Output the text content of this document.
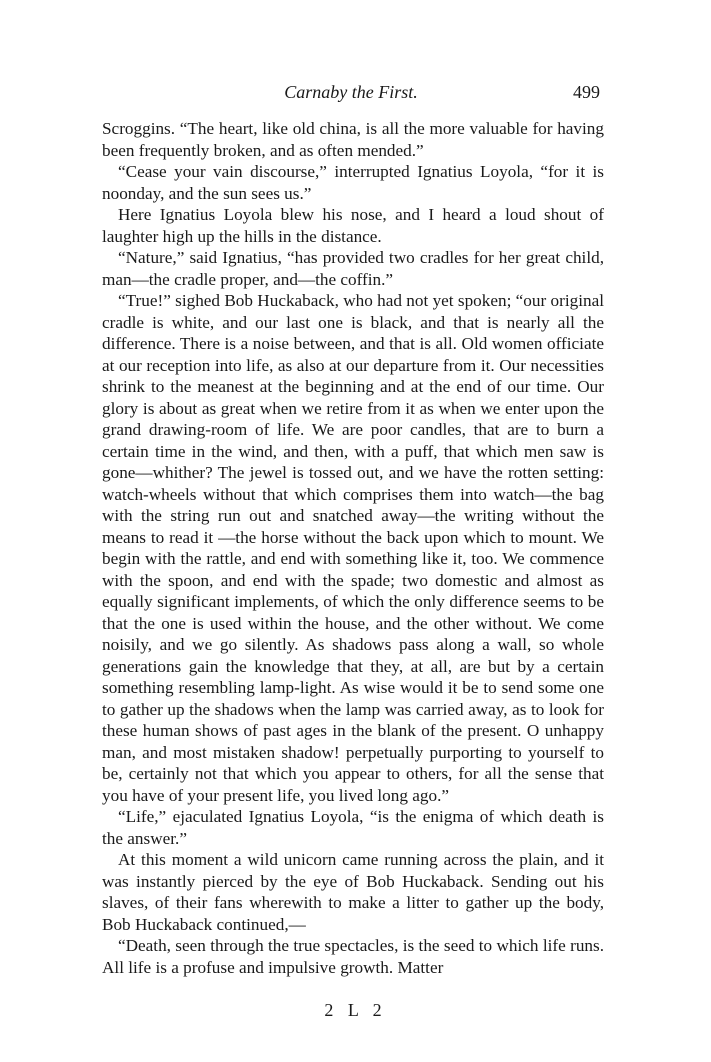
Carnaby the First.	499

Scroggins. “The heart, like old china, is all the more valuable for having been frequently broken, and as often mended.”

“Cease your vain discourse,” interrupted Ignatius Loyola, “for it is noonday, and the sun sees us.”

Here Ignatius Loyola blew his nose, and I heard a loud shout of laughter high up the hills in the distance.

“Nature,” said Ignatius, “has provided two cradles for her great child, man—the cradle proper, and—the coffin.”

“True!” sighed Bob Huckaback, who had not yet spoken; “our original cradle is white, and our last one is black, and that is nearly all the difference. There is a noise between, and that is all. Old women officiate at our reception into life, as also at our departure from it. Our necessities shrink to the meanest at the beginning and at the end of our time. Our glory is about as great when we retire from it as when we enter upon the grand drawing-room of life. We are poor candles, that are to burn a certain time in the wind, and then, with a puff, that which men saw is gone—whither? The jewel is tossed out, and we have the rotten setting: watch-wheels without that which comprises them into watch—the bag with the string run out and snatched away—the writing without the means to read it —the horse without the back upon which to mount. We begin with the rattle, and end with something like it, too. We commence with the spoon, and end with the spade; two domestic and almost as equally significant implements, of which the only difference seems to be that the one is used within the house, and the other without. We come noisily, and we go silently. As shadows pass along a wall, so whole generations gain the knowledge that they, at all, are but by a certain something resembling lamp-light. As wise would it be to send some one to gather up the shadows when the lamp was carried away, as to look for these human shows of past ages in the blank of the present. O unhappy man, and most mistaken shadow! perpetually purporting to yourself to be, certainly not that which you appear to others, for all the sense that you have of your present life, you lived long ago.”

“Life,” ejaculated Ignatius Loyola, “is the enigma of which death is the answer.”

At this moment a wild unicorn came running across the plain, and it was instantly pierced by the eye of Bob Huckaback. Sending out his slaves, of their fans wherewith to make a litter to gather up the body, Bob Huckaback continued,—

“Death, seen through the true spectacles, is the seed to which life runs. All life is a profuse and impulsive growth. Matter

2 L 2
